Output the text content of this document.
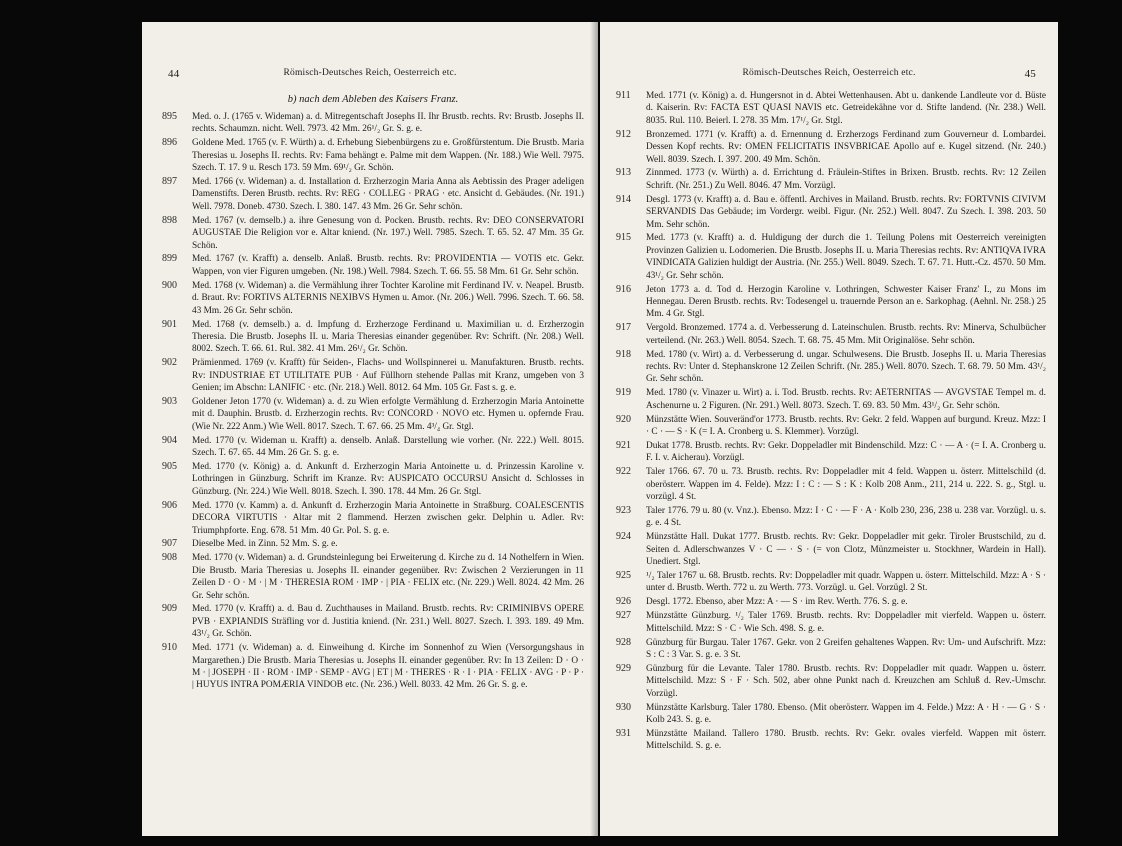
44	Römisch-Deutsches Reich, Oesterreich etc.
b) nach dem Ableben des Kaisers Franz.
895	Med. o. J. (1765 v. Wideman) a. d. Mitregentschaft Josephs II. Ihr Brustb. rechts. Rv: Brustb. Josephs II. rechts. Schaumzn. nicht. Well. 7973. 42 Mm. 26¹/₂ Gr. S. g. e.
896	Goldene Med. 1765 (v. F. Würth) a. d. Erhebung Siebenbürgens zu e. Großfürstentum. Die Brustb. Maria Theresias u. Josephs II. rechts. Rv: Fama behängt e. Palme mit dem Wappen. (Nr. 188.) Wie Well. 7975. Szech. T. 17. 9 u. Resch 173. 59 Mm. 69¹/₂ Gr. Schön.
897	Med. 1766 (v. Wideman) a. d. Installation d. Erzherzogin Maria Anna als Aebtissin des Prager adeligen Damenstifts. Deren Brustb. rechts. Rv: REG · COLLEG · PRAG · etc. Ansicht d. Gebäudes. (Nr. 191.) Well. 7978. Doneb. 4730. Szech. I. 380. 147. 43 Mm. 26 Gr. Sehr schön.
898	Med. 1767 (v. demselb.) a. ihre Genesung von d. Pocken. Brustb. rechts. Rv: DEO CONSERVATORI AUGUSTAE Die Religion vor e. Altar kniend. (Nr. 197.) Well. 7985. Szech. T. 65. 52. 47 Mm. 35 Gr. Schön.
899	Med. 1767 (v. Krafft) a. denselb. Anlaß. Brustb. rechts. Rv: PROVIDENTIA — VOTIS etc. Gekr. Wappen, von vier Figuren umgeben. (Nr. 198.) Well. 7984. Szech. T. 66. 55. 58 Mm. 61 Gr. Sehr schön.
900	Med. 1768 (v. Wideman) a. die Vermählung ihrer Tochter Karoline mit Ferdinand IV. v. Neapel. Brustb. d. Braut. Rv: FORTIVS ALTERNIS NEXIBVS Hymen u. Amor. (Nr. 206.) Well. 7996. Szech. T. 66. 58. 43 Mm. 26 Gr. Sehr schön.
901	Med. 1768 (v. demselb.) a. d. Impfung d. Erzherzoge Ferdinand u. Maximilian u. d. Erzherzogin Theresia. Die Brustb. Josephs II. u. Maria Theresias einander gegenüber. Rv: Schrift. (Nr. 208.) Well. 8002. Szech. T. 66. 61. Rul. 382. 41 Mm. 26¹/₂ Gr. Schön.
902	Prämienmed. 1769 (v. Krafft) für Seiden-, Flachs- und Wollspinnerei u. Manufakturen. Brustb. rechts. Rv: INDUSTRIAE ET UTILITATE PUB · Auf Füllhorn stehende Pallas mit Kranz, umgeben von 3 Genien; im Abschn: LANIFIC · etc. (Nr. 218.) Well. 8012. 64 Mm. 105 Gr. Fast s. g. e.
903	Goldener Jeton 1770 (v. Wideman) a. d. zu Wien erfolgte Vermählung d. Erzherzogin Maria Antoinette mit d. Dauphin. Brustb. d. Erzherzogin rechts. Rv: CONCORD · NOVO etc. Hymen u. opfernde Frau. (Wie Nr. 222 Anm.) Wie Well. 8017. Szech. T. 67. 66. 25 Mm. 4³/₄ Gr. Stgl.
904	Med. 1770 (v. Wideman u. Krafft) a. denselb. Anlaß. Darstellung wie vorher. (Nr. 222.) Well. 8015. Szech. T. 67. 65. 44 Mm. 26 Gr. S. g. e.
905	Med. 1770 (v. König) a. d. Ankunft d. Erzherzogin Maria Antoinette u. d. Prinzessin Karoline v. Lothringen in Günzburg. Schrift im Kranze. Rv: AUSPICATO OCCURSU Ansicht d. Schlosses in Günzburg. (Nr. 224.) Wie Well. 8018. Szech. I. 390. 178. 44 Mm. 26 Gr. Stgl.
906	Med. 1770 (v. Kamm) a. d. Ankunft d. Erzherzogin Maria Antoinette in Straßburg. COALESCENTIS DECORA VIRTUTIS · Altar mit 2 flammend. Herzen zwischen gekr. Delphin u. Adler. Rv: Triumphpforte. Eng. 678. 51 Mm. 40 Gr. Pol. S. g. e.
907	Dieselbe Med. in Zinn. 52 Mm. S. g. e.
908	Med. 1770 (v. Wideman) a. d. Grundsteinlegung bei Erweiterung d. Kirche zu d. 14 Nothelfern in Wien. Die Brustb. Maria Theresias u. Josephs II. einander gegenüber. Rv: Zwischen 2 Verzierungen in 11 Zeilen D · O · M · | M · THERESIA ROM · IMP · | PIA · FELIX etc. (Nr. 229.) Well. 8024. 42 Mm. 26 Gr. Sehr schön.
909	Med. 1770 (v. Krafft) a. d. Bau d. Zuchthauses in Mailand. Brustb. rechts. Rv: CRIMINIBVS OPERE PVB · EXPIANDIS Sträfling vor d. Justitia kniend. (Nr. 231.) Well. 8027. Szech. I. 393. 189. 49 Mm. 43¹/₂ Gr. Schön.
910	Med. 1771 (v. Wideman) a. d. Einweihung d. Kirche im Sonnenhof zu Wien (Versorgungshaus in Margarethen.) Die Brustb. Maria Theresias u. Josephs II. einander gegenüber. Rv: In 13 Zeilen: D · O · M · | JOSEPH · II · ROM · IMP · SEMP · AVG | ET | M · THERES · R · I · PIA · FELIX · AVG · P · P · | HUYUS INTRA POMÆRIA VINDOB etc. (Nr. 236.) Well. 8033. 42 Mm. 26 Gr. S. g. e.
Römisch-Deutsches Reich, Oesterreich etc.	45
911	Med. 1771 (v. König) a. d. Hungersnot in d. Abtei Wettenhausen. Abt u. dankende Landleute vor d. Büste d. Kaiserin. Rv: FACTA EST QUASI NAVIS etc. Getreidekähne vor d. Stifte landend. (Nr. 238.) Well. 8035. Rul. 110. Beierl. I. 278. 35 Mm. 17¹/₂ Gr. Stgl.
912	Bronzemed. 1771 (v. Krafft) a. d. Ernennung d. Erzherzogs Ferdinand zum Gouverneur d. Lombardei. Dessen Kopf rechts. Rv: OMEN FELICITATIS INSVBRICAE Apollo auf e. Kugel sitzend. (Nr. 240.) Well. 8039. Szech. I. 397. 200. 49 Mm. Schön.
913	Zinnmed. 1773 (v. Würth) a. d. Errichtung d. Fräulein-Stiftes in Brixen. Brustb. rechts. Rv: 12 Zeilen Schrift. (Nr. 251.) Zu Well. 8046. 47 Mm. Vorzügl.
914	Desgl. 1773 (v. Krafft) a. d. Bau e. öffentl. Archives in Mailand. Brustb. rechts. Rv: FORTVNIS CIVIVM SERVANDIS Das Gebäude; im Vordergr. weibl. Figur. (Nr. 252.) Well. 8047. Zu Szech. I. 398. 203. 50 Mm. Sehr schön.
915	Med. 1773 (v. Krafft) a. d. Huldigung der durch die 1. Teilung Polens mit Oesterreich vereinigten Provinzen Galizien u. Lodomerien. Die Brustb. Josephs II. u. Maria Theresias rechts. Rv: ANTIQVA IVRA VINDICATA Galizien huldigt der Austria. (Nr. 255.) Well. 8049. Szech. T. 67. 71. Hutt.-Cz. 4570. 50 Mm. 43¹/₂ Gr. Sehr schön.
916	Jeton 1773 a. d. Tod d. Herzogin Karoline v. Lothringen, Schwester Kaiser Franz' I., zu Mons im Hennegau. Deren Brustb. rechts. Rv: Todesengel u. trauernde Person an e. Sarkophag. (Aehnl. Nr. 258.) 25 Mm. 4 Gr. Stgl.
917	Vergold. Bronzemed. 1774 a. d. Verbesserung d. Lateinschulen. Brustb. rechts. Rv: Minerva, Schulbücher verteilend. (Nr. 263.) Well. 8054. Szech. T. 68. 75. 45 Mm. Mit Originalöse. Sehr schön.
918	Med. 1780 (v. Wirt) a. d. Verbesserung d. ungar. Schulwesens. Die Brustb. Josephs II. u. Maria Theresias rechts. Rv: Unter d. Stephanskrone 12 Zeilen Schrift. (Nr. 285.) Well. 8070. Szech. T. 68. 79. 50 Mm. 43¹/₂ Gr. Sehr schön.
919	Med. 1780 (v. Vinazer u. Wirt) a. i. Tod. Brustb. rechts. Rv: AETERNITAS — AVGVSTAE Tempel m. d. Aschenurne u. 2 Figuren. (Nr. 291.) Well. 8073. Szech. T. 69. 83. 50 Mm. 43¹/₂ Gr. Sehr schön.
920	Münzstätte Wien. Souveränd'or 1773. Brustb. rechts. Rv: Gekr. 2 feld. Wappen auf burgund. Kreuz. Mzz: I · C · — S · K (= I. A. Cronberg u. S. Klemmer). Vorzügl.
921	Dukat 1778. Brustb. rechts. Rv: Gekr. Doppeladler mit Bindenschild. Mzz: C · — A · (= I. A. Cronberg u. F. I. v. Aicherau). Vorzügl.
922	Taler 1766. 67. 70 u. 73. Brustb. rechts. Rv: Doppeladler mit 4 feld. Wappen u. österr. Mittelschild (d. oberösterr. Wappen im 4. Felde). Mzz: I : C : — S : K : Kolb 208 Anm., 211, 214 u. 222. S. g., Stgl. u. vorzügl. 4 St.
923	Taler 1776. 79 u. 80 (v. Vnz.). Ebenso. Mzz: I · C · — F · A · Kolb 230, 236, 238 u. 238 var. Vorzügl. u. s. g. e. 4 St.
924	Münzstätte Hall. Dukat 1777. Brustb. rechts. Rv: Gekr. Doppeladler mit gekr. Tiroler Brustschild, zu d. Seiten d. Adlerschwanzes V · C — · S · (= von Clotz, Münzmeister u. Stockhner, Wardein in Hall). Unediert. Stgl.
925	¹/₂ Taler 1767 u. 68. Brustb. rechts. Rv: Doppeladler mit quadr. Wappen u. österr. Mittelschild. Mzz: A · S · unter d. Brustb. Werth. 772 u. zu Werth. 773. Vorzügl. u. Gel. Vorzügl. 2 St.
926	Desgl. 1772. Ebenso, aber Mzz: A · — S · im Rev. Werth. 776. S. g. e.
927	Münzstätte Günzburg. ¹/₂ Taler 1769. Brustb. rechts. Rv: Doppeladler mit vierfeld. Wappen u. österr. Mittelschild. Mzz: S · C · Wie Sch. 498. S. g. e.
928	Günzburg für Burgau. Taler 1767. Gekr. von 2 Greifen gehaltenes Wappen. Rv: Um- und Aufschrift. Mzz: S : C : 3 Var. S. g. e. 3 St.
929	Günzburg für die Levante. Taler 1780. Brustb. rechts. Rv: Doppeladler mit quadr. Wappen u. österr. Mittelschild. Mzz: S · F · Sch. 502, aber ohne Punkt nach d. Kreuzchen am Schluß d. Rev.-Umschr. Vorzügl.
930	Münzstätte Karlsburg. Taler 1780. Ebenso. (Mit oberösterr. Wappen im 4. Felde.) Mzz: A · H · — G · S · Kolb 243. S. g. e.
931	Münzstätte Mailand. Tallero 1780. Brustb. rechts. Rv: Gekr. ovales vierfeld. Wappen mit österr. Mittelschild. S. g. e.
